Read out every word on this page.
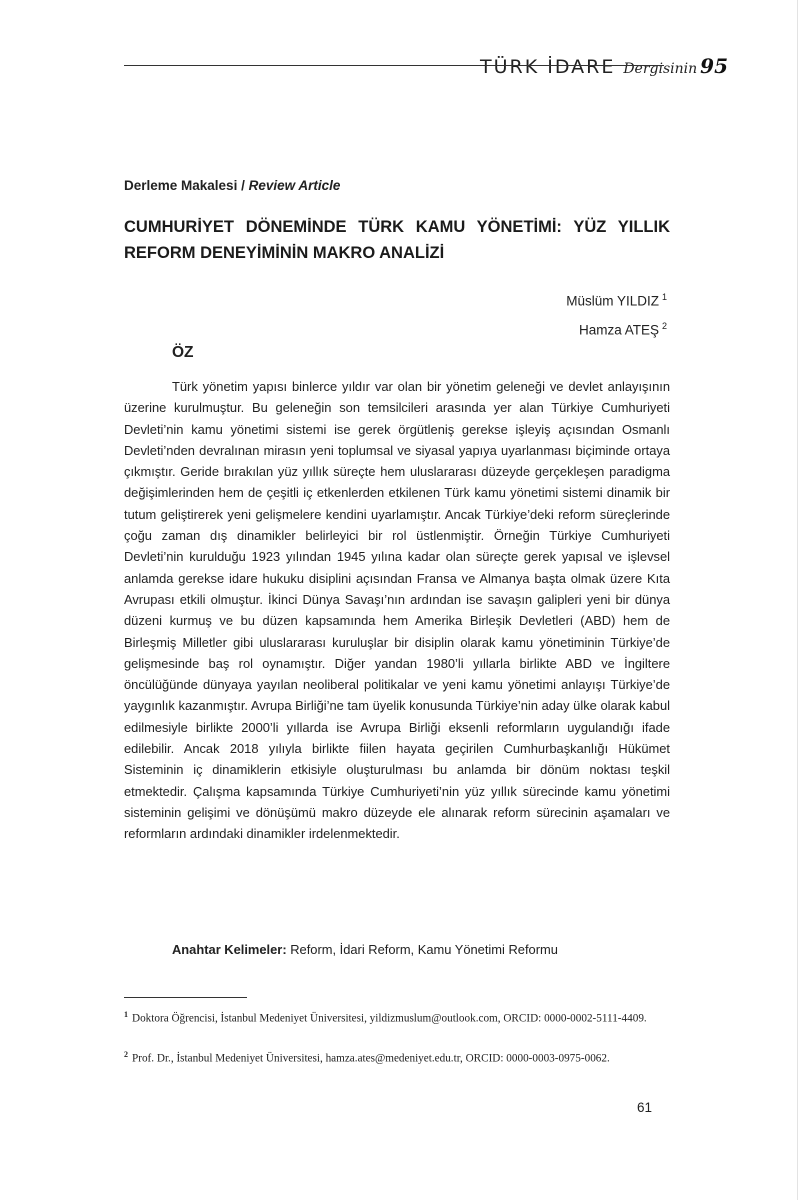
TÜRK İDARE Dergisinin 95
Derleme Makalesi / Review Article
CUMHURİYET DÖNEMİNDE TÜRK KAMU YÖNETİMİ: YÜZ YILLIK REFORM DENEYİMİNİN MAKRO ANALİZİ
Müslüm YILDIZ $^1$
Hamza ATEŞ $^2$
ÖZ

Türk yönetim yapısı binlerce yıldır var olan bir yönetim geleneği ve devlet anlayışının üzerine kurulmuştur. Bu geleneğin son temsilcileri arasında yer alan Türkiye Cumhuriyeti Devleti’nin kamu yönetimi sistemi ise gerek örgütleniş gerekse işleyiş açısından Osmanlı Devleti’nden devralınan mirasın yeni toplumsal ve siyasal yapıya uyarlanması biçiminde ortaya çıkmıştır. Geride bırakılan yüz yıllık süreçte hem uluslararası düzeyde gerçekleşen paradigma değişimlerinden hem de çeşitli iç etkenlerden etkilenen Türk kamu yönetimi sistemi dinamik bir tutum geliştirerek yeni gelişmelere kendini uyarlamıştır. Ancak Türkiye’deki reform süreçlerinde çoğu zaman dış dinamikler belirleyici bir rol üstlenmiştir. Örneğin Türkiye Cumhuriyeti Devleti’nin kurulduğu 1923 yılından 1945 yılına kadar olan süreçte gerek yapısal ve işlevsel anlamda gerekse idare hukuku disiplini açısından Fransa ve Almanya başta olmak üzere Kıta Avrupası etkili olmuştur. İkinci Dünya Savaşı’nın ardından ise savaşın galipleri yeni bir dünya düzeni kurmuş ve bu düzen kapsamında hem Amerika Birleşik Devletleri (ABD) hem de Birleşmiş Milletler gibi uluslararası kuruluşlar bir disiplin olarak kamu yönetiminin Türkiye’de gelişmesinde baş rol oynamıştır. Diğer yandan 1980’li yıllarla birlikte ABD ve İngiltere öncülüğünde dünyaya yayılan neoliberal politikalar ve yeni kamu yönetimi anlayışı Türkiye’de yaygınlık kazanmıştır. Avrupa Birliği’ne tam üyelik konusunda Türkiye’nin aday ülke olarak kabul edilmesiyle birlikte 2000’li yıllarda ise Avrupa Birliği eksenli reformların uygulandığı ifade edilebilir. Ancak 2018 yılıyla birlikte fiilen hayata geçirilen Cumhurbaşkanlığı Hükümet Sisteminin iç dinamiklerin etkisiyle oluşturulması bu anlamda bir dönüm noktası teşkil etmektedir. Çalışma kapsamında Türkiye Cumhuriyeti’nin yüz yıllık sürecinde kamu yönetimi sisteminin gelişimi ve dönüşümü makro düzeyde ele alınarak reform sürecinin aşamaları ve reformların ardındaki dinamikler irdelenmektedir.

Anahtar Kelimeler: Reform, İdari Reform, Kamu Yönetimi Reformu

$^1$ Doktora Öğrencisi, İstanbul Medeniyet Üniversitesi, yildizmuslum@outlook.com, ORCID: 0000-0002-5111-4409.

$^2$ Prof. Dr., İstanbul Medeniyet Üniversitesi, hamza.ates@medeniyet.edu.tr, ORCID: 0000-0003-0975-0062.

61
